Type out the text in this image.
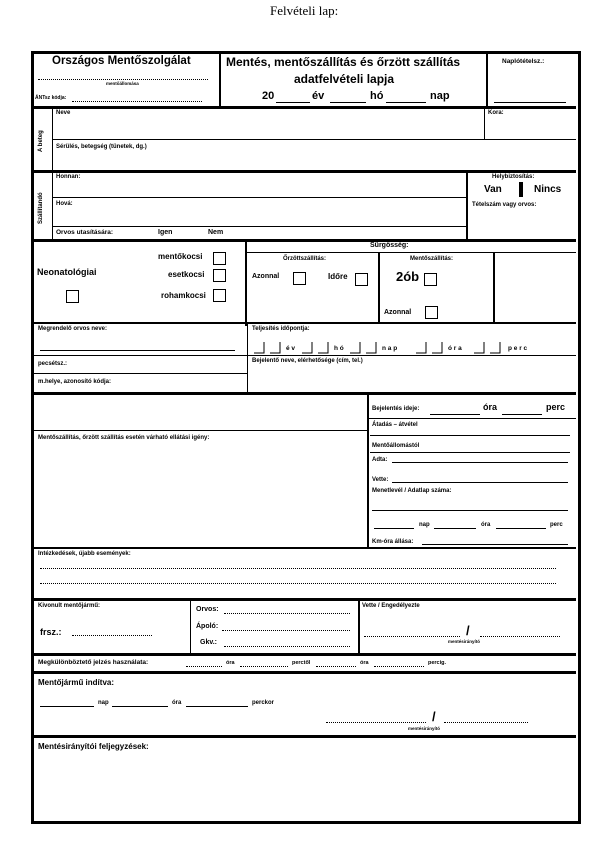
Felvételi lap:
Országos Mentőszolgálat
mentőállomása
ÁNTsz kódja:
Mentés, mentőszállítás és őrzött szállítás
adatfelvételi lapja
20	év	hó	nap
Naplótételsz.:
A beteg
Neve	Kora:
Sérülés, betegség (tünetek, dg.)
Szállítandó
Honnan:
Hová:
Orvos utasítására:	Igen	Nem
Helybiztosítás:
Van	Nincs
Tételszám vagy orvos:
Sürgősség:
Neonatológiai
mentőkocsi
esetkocsi
rohamkocsi
Őrzöttszállítás:
Azonnal	Időre
Mentőszállítás:
2ób
Azonnal
Megrendelő orvos neve:
pecsétsz.:
m.helye, azonosító kódja:
Teljesítés időpontja:
é v	h ó	n a p	ó r a	p e r c
Bejelentő neve, elérhetősége (cím, tel.)
Bejelentés ideje:	óra	perc
Átadás – átvétel
Mentőállomástól
Adta:
Vette:
Menetlevél / Adatlap száma:
nap	óra	perc
Km-óra állása:
Mentőszállítás, őrzött szállítás esetén várható ellátási igény:
Intézkedések, újabb események:
Kivonult mentőjármű:
frsz.:
Orvos:
Ápoló:
Gkv.:
Vette / Engedélyezte
/
mentésirányító
Megkülönböztető jelzés használata:	óra	perctől	óra	percig.
Mentőjármű indítva:
nap	óra	perckor
/
mentésirányító
Mentésirányítói feljegyzések:
